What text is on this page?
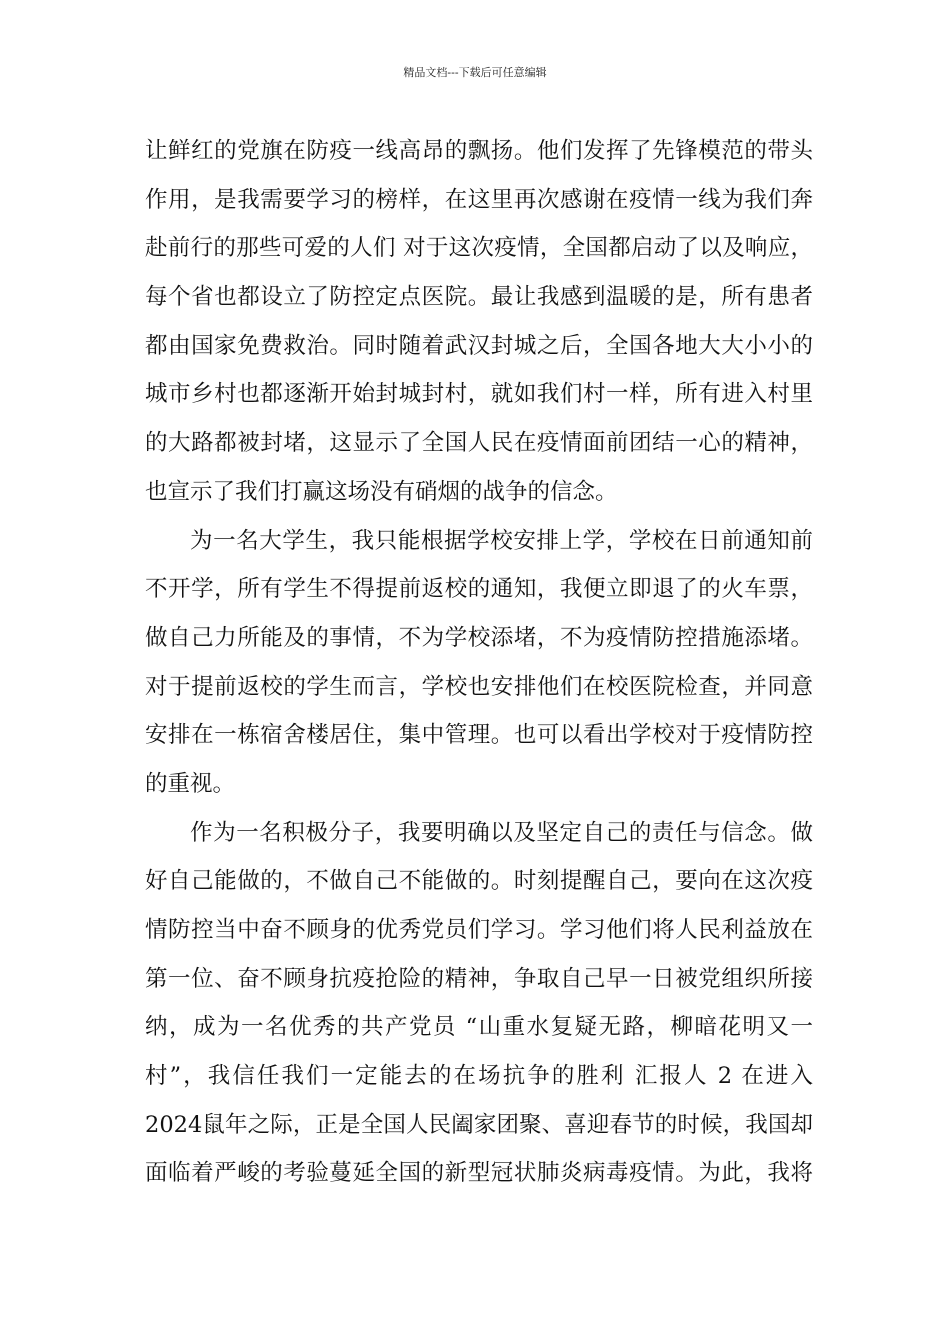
精品文档---下载后可任意编辑
让鲜红的党旗在防疫一线高昂的飘扬。他们发挥了先锋模范的带头
作用，是我需要学习的榜样，在这里再次感谢在疫情一线为我们奔
赴前行的那些可爱的人们 对于这次疫情，全国都启动了以及响应，
每个省也都设立了防控定点医院。最让我感到温暖的是，所有患者
都由国家免费救治。同时随着武汉封城之后，全国各地大大小小的
城市乡村也都逐渐开始封城封村，就如我们村一样，所有进入村里
的大路都被封堵，这显示了全国人民在疫情面前团结一心的精神，
也宣示了我们打赢这场没有硝烟的战争的信念。
为一名大学生，我只能根据学校安排上学，学校在日前通知前
不开学，所有学生不得提前返校的通知，我便立即退了的火车票，
做自己力所能及的事情，不为学校添堵，不为疫情防控措施添堵。
对于提前返校的学生而言，学校也安排他们在校医院检查，并同意
安排在一栋宿舍楼居住，集中管理。也可以看出学校对于疫情防控
的重视。
作为一名积极分子，我要明确以及坚定自己的责任与信念。做
好自己能做的，不做自己不能做的。时刻提醒自己，要向在这次疫
情防控当中奋不顾身的优秀党员们学习。学习他们将人民利益放在
第一位、奋不顾身抗疫抢险的精神，争取自己早一日被党组织所接
纳，成为一名优秀的共产党员 “山重水复疑无路，柳暗花明又一
村”，我信任我们一定能去的在场抗争的胜利 汇报人 2 在进入
2024鼠年之际，正是全国人民阖家团聚、喜迎春节的时候，我国却
面临着严峻的考验蔓延全国的新型冠状肺炎病毒疫情。为此，我将
